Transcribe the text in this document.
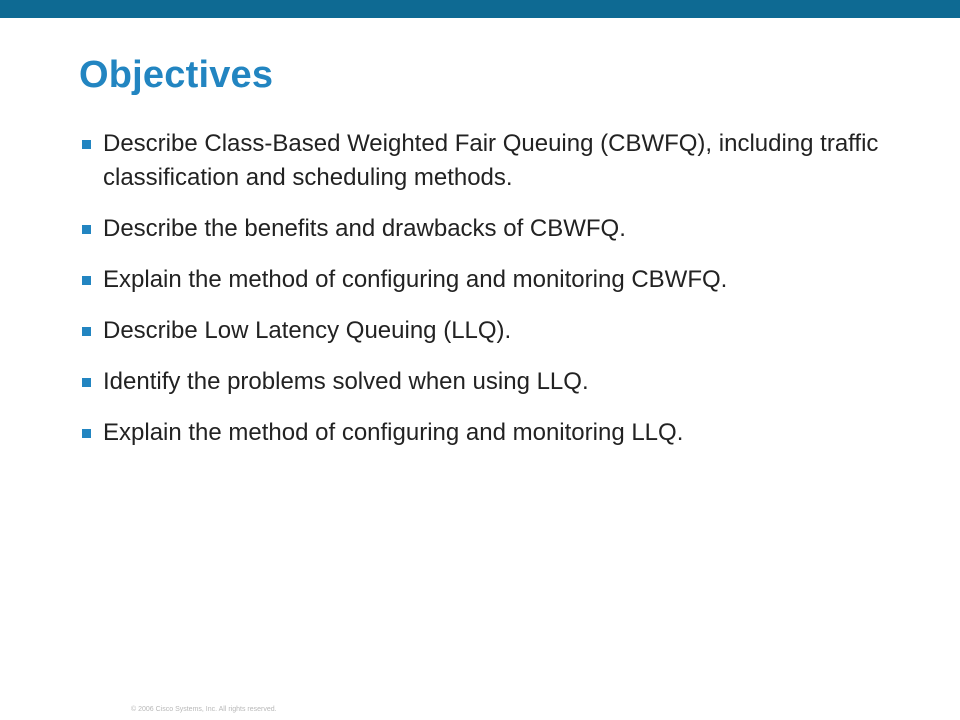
Objectives
Describe Class-Based Weighted Fair Queuing (CBWFQ), including traffic classification and scheduling methods.
Describe the benefits and drawbacks of CBWFQ.
Explain the method of configuring and monitoring CBWFQ.
Describe Low Latency Queuing (LLQ).
Identify the problems solved when using LLQ.
Explain the method of configuring and monitoring LLQ.
© 2006 Cisco Systems, Inc. All rights reserved.
